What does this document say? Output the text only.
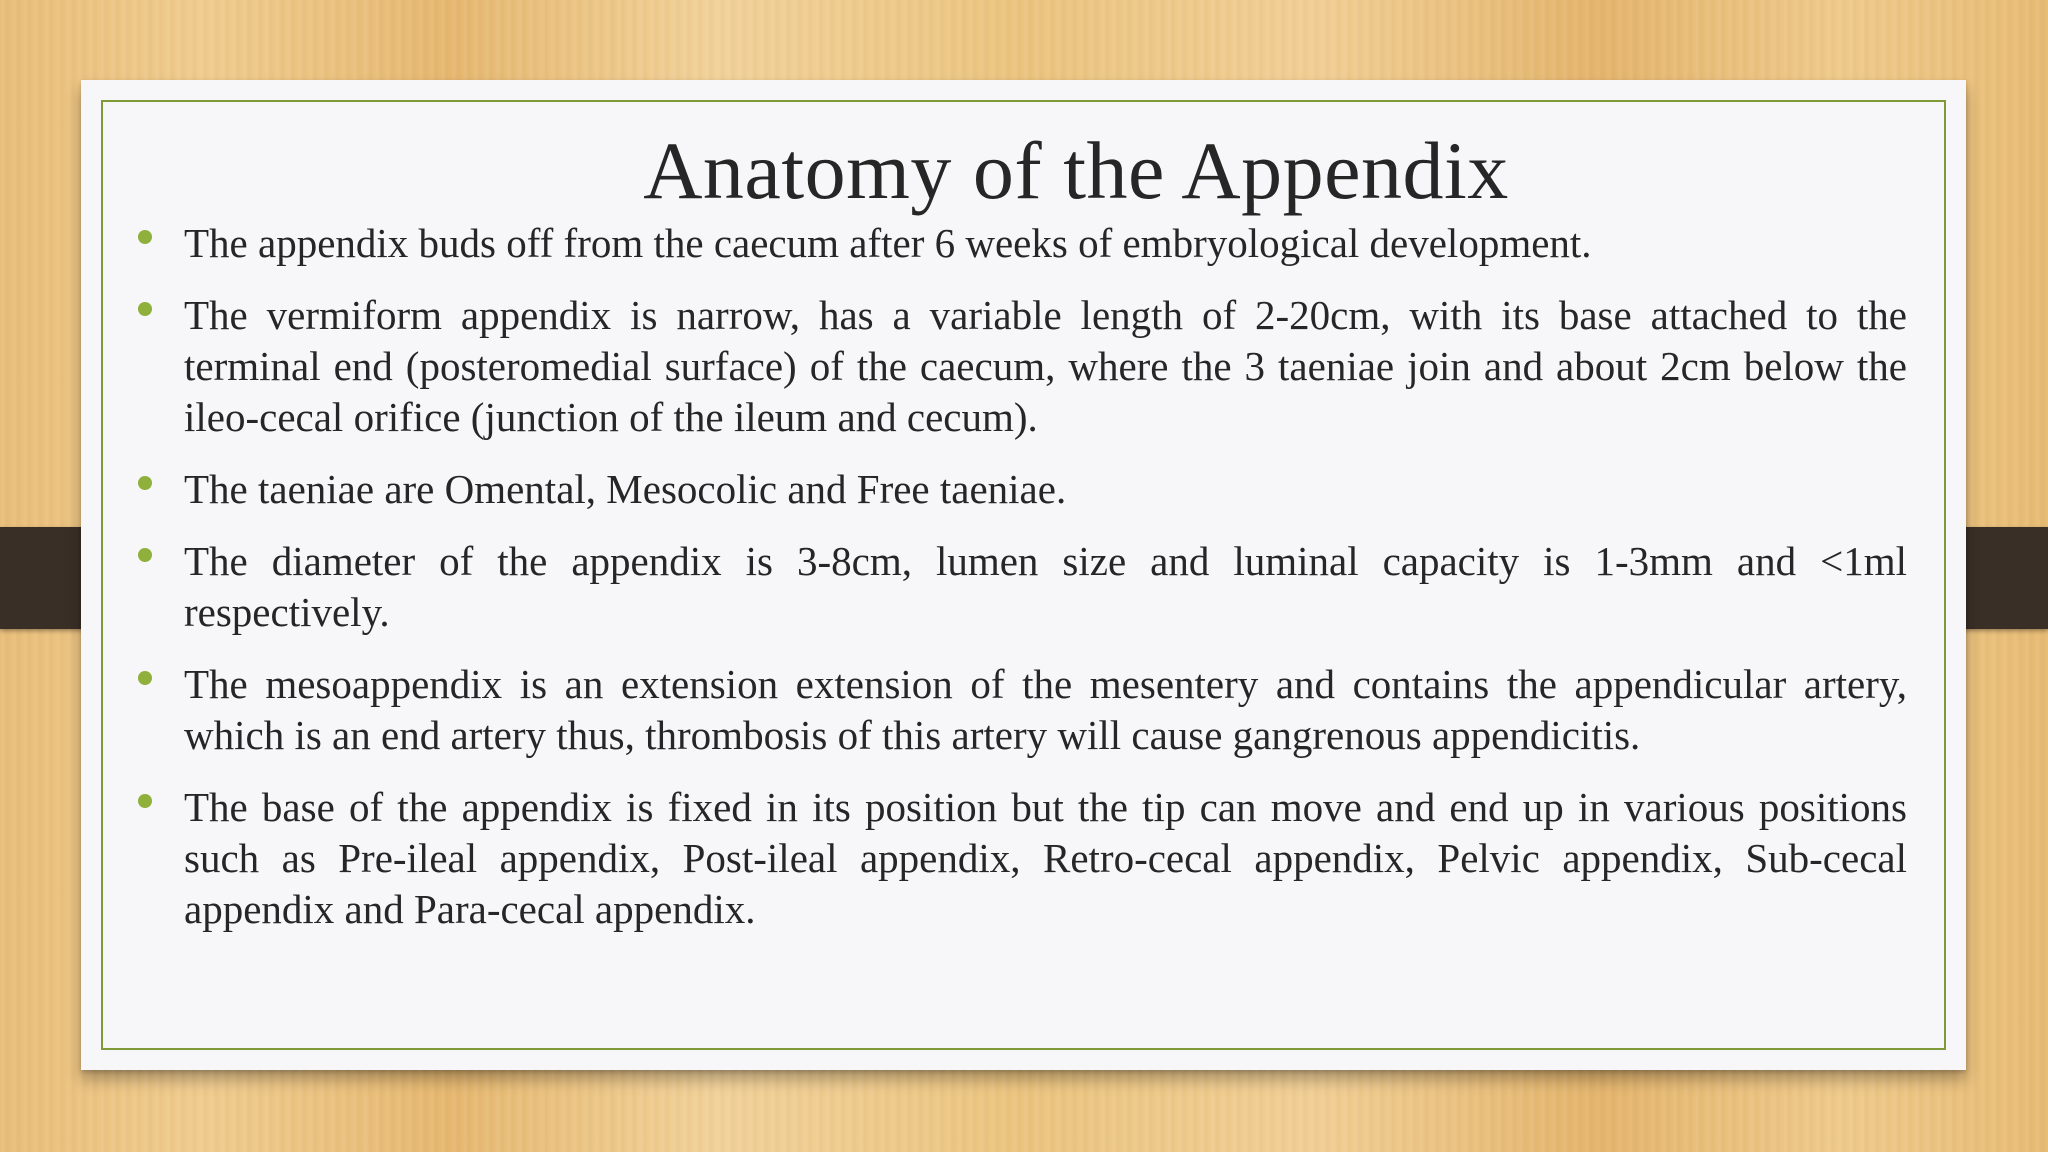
Anatomy of the Appendix
The appendix buds off from the caecum after 6 weeks of embryological development.
The vermiform appendix is narrow, has a variable length of 2-20cm, with its base attached to the terminal end (posteromedial surface) of the caecum, where the 3 taeniae join and about 2cm below the ileo-cecal orifice (junction of the ileum and cecum).
The taeniae are Omental, Mesocolic and Free taeniae.
The diameter of the appendix is 3-8cm, lumen size and luminal capacity is 1-3mm and <1ml respectively.
The mesoappendix is an extension extension of the mesentery and contains the appendicular artery, which is an end artery thus, thrombosis of this artery will cause gangrenous appendicitis.
The base of the appendix is fixed in its position but the tip can move and end up in various positions such as Pre-ileal appendix, Post-ileal appendix, Retro-cecal appendix, Pelvic appendix, Sub-cecal appendix and Para-cecal appendix.
